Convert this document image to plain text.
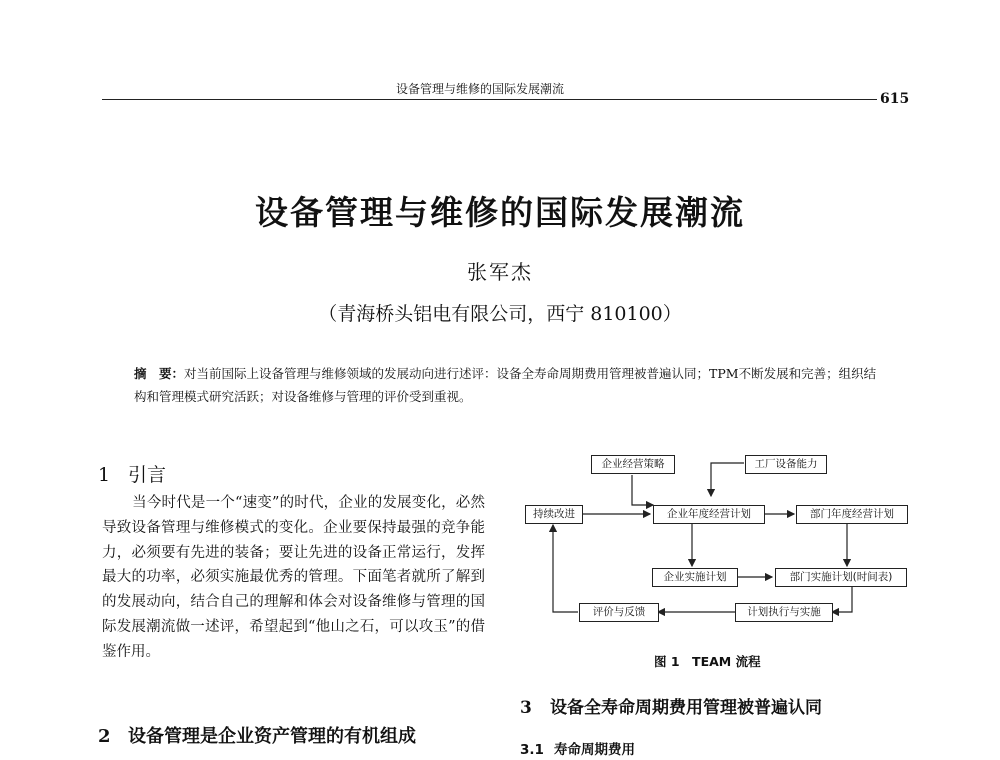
设备管理与维修的国际发展潮流
615
设备管理与维修的国际发展潮流
张军杰
（青海桥头铝电有限公司，西宁 810100）
摘　要：对当前国际上设备管理与维修领域的发展动向进行述评：设备全寿命周期费用管理被普遍认同；TPM不断发展和完善；组织结构和管理模式研究活跃；对设备维修与管理的评价受到重视。
1 引言
当今时代是一个“速变”的时代，企业的发展变化，必然导致设备管理与维修模式的变化。企业要保持最强的竞争能力，必须要有先进的装备；要让先进的设备正常运行，发挥最大的功率，必须实施最优秀的管理。下面笔者就所了解到的发展动向，结合自己的理解和体会对设备维修与管理的国际发展潮流做一述评，希望起到“他山之石，可以攻玉”的借鉴作用。
2 设备管理是企业资产管理的有机组成
企业经营策略	工厂设备能力
持续改进	企业年度经营计划	部门年度经营计划
企业实施计划	部门实施计划(时间表)
评价与反馈	计划执行与实施
图 1　TEAM 流程
3 设备全寿命周期费用管理被普遍认同
3.1 寿命周期费用
